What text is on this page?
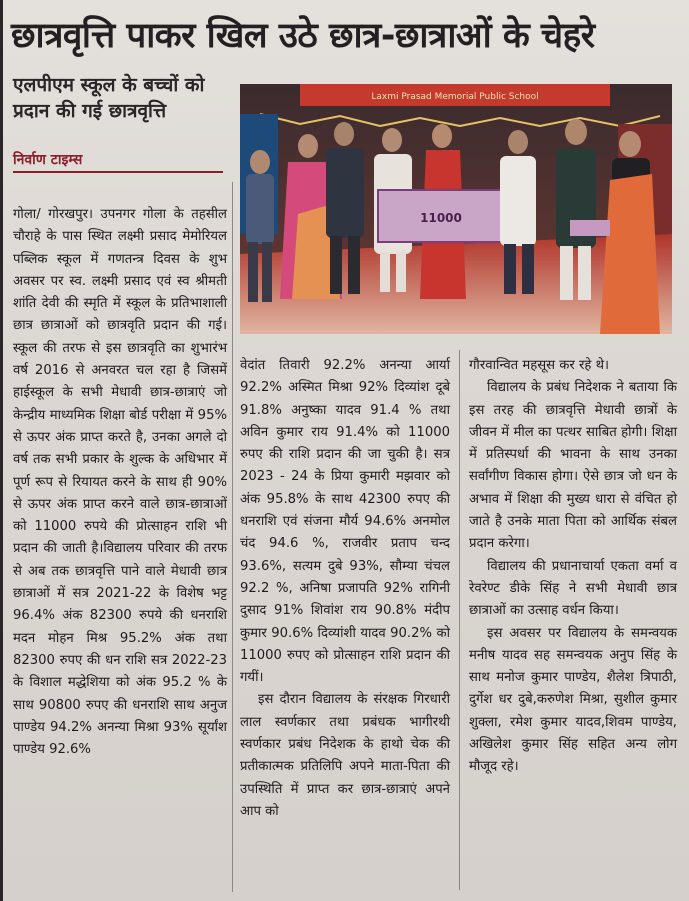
छात्रवृत्ति पाकर खिल उठे छात्र-छात्राओं के चेहरे
एलपीएम स्कूल के बच्चों को प्रदान की गई छात्रवृत्ति
निर्वाण टाइम्स
Laxmi Prasad Memorial Public School
11000

गोला/ गोरखपुर। उपनगर गोला के तहसील चौराहे के पास स्थित लक्ष्मी प्रसाद मेमोरियल पब्लिक स्कूल में गणतन्त्र दिवस के शुभ अवसर पर स्व. लक्ष्मी प्रसाद एवं स्व श्रीमती शांति देवी की स्मृति में स्कूल के प्रतिभाशाली छात्र छात्राओं को छात्रवृति प्रदान की गई।स्कूल की तरफ से इस छात्रवृति का शुभारंभ वर्ष 2016 से अनवरत चल रहा है जिसमें हाईस्कूल के सभी मेधावी छात्र-छात्राएं जो केन्द्रीय माध्यमिक शिक्षा बोर्ड परीक्षा में 95% से ऊपर अंक प्राप्त करते है, उनका अगले दो वर्ष तक सभी प्रकार के शुल्क के अधिभार में पूर्ण रूप से रियायत करने के साथ ही 90% से ऊपर अंक प्राप्त करने वाले छात्र-छात्राओं को 11000 रुपये की प्रोत्साहन राशि भी प्रदान की जाती है।विद्यालय परिवार की तरफ से अब तक छात्रवृत्ति पाने वाले मेधावी छात्र छात्राओं में सत्र 2021-22 के विशेष भट्ट 96.4% अंक 82300 रुपये की धनराशि मदन मोहन मिश्र 95.2% अंक तथा 82300 रुपए की धन राशि सत्र 2022-23 के विशाल मद्धेशिया को अंक 95.2 % के साथ 90800 रुपए की धनराशि साथ अनुज पाण्डेय 94.2% अनन्या मिश्रा 93% सूर्यांश पाण्डेय 92.6%

वेदांत तिवारी 92.2% अनन्या आर्या 92.2% अस्मित मिश्रा 92% दिव्यांश दूबे 91.8% अनुष्का यादव 91.4 % तथा अविन कुमार राय 91.4% को 11000 रुपए की राशि प्रदान की जा चुकी है। सत्र 2023 - 24 के प्रिया कुमारी मझवार को अंक 95.8% के साथ 42300 रुपए की धनराशि एवं संजना मौर्य 94.6% अनमोल चंद 94.6 %, राजवीर प्रताप चन्द 93.6%, सत्यम दुबे 93%, सौम्या चंचल 92.2 %, अनिषा प्रजापति 92% रागिनी दुसाद 91% शिवांश राय 90.8% मंदीप कुमार 90.6% दिव्यांशी यादव 90.2% को 11000 रुपए को प्रोत्साहन राशि प्रदान की गयीं।

इस दौरान विद्यालय के संरक्षक गिरधारी लाल स्वर्णकार तथा प्रबंधक भागीरथी स्वर्णकार प्रबंध निदेशक के हाथो चेक की प्रतीकात्मक प्रतिलिपि अपने माता-पिता की उपस्थिति में प्राप्त कर छात्र-छात्राएं अपने आप को

गौरवान्वित महसूस कर रहे थे।

विद्यालय के प्रबंध निदेशक ने बताया कि इस तरह की छात्रवृत्ति मेधावी छात्रों के जीवन में मील का पत्थर साबित होगी। शिक्षा में प्रतिस्पर्धा की भावना के साथ उनका सर्वांगीण विकास होगा। ऐसे छात्र जो धन के अभाव में शिक्षा की मुख्य धारा से वंचित हो जाते है उनके माता पिता को आर्थिक संबल प्रदान करेगा।

विद्यालय की प्रधानाचार्या एकता वर्मा व रेवरेण्ट डीके सिंह ने सभी मेधावी छात्र छात्राओं का उत्साह वर्धन किया।

इस अवसर पर विद्यालय के समन्वयक मनीष यादव सह समन्वयक अनुप सिंह के साथ मनोज कुमार पाण्डेय, शैलेश त्रिपाठी, दुर्गेश धर दुबे,करुणेश मिश्रा, सुशील कुमार शुक्ला, रमेश कुमार यादव,शिवम पाण्डेय, अखिलेश कुमार सिंह सहित अन्य लोग मौजूद रहे।
